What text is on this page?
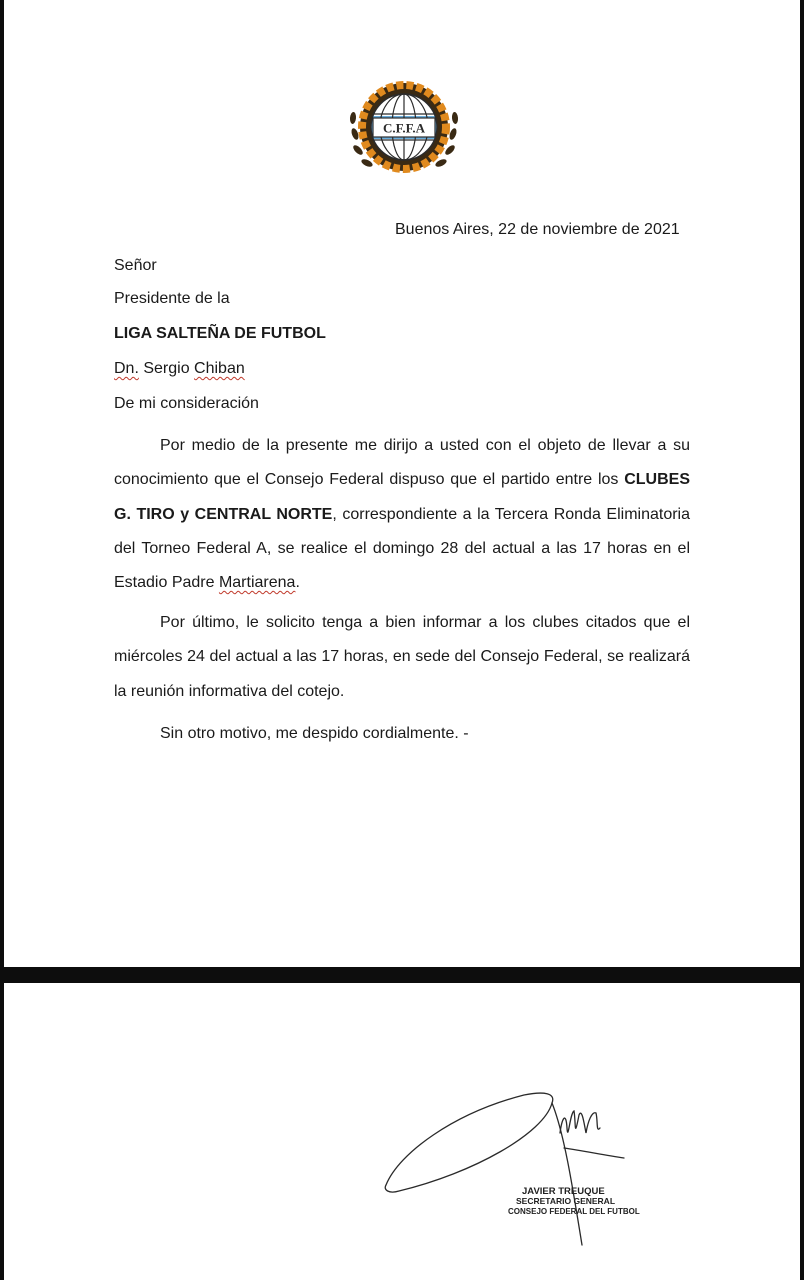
C.F.F.A
Buenos Aires, 22 de noviembre de 2021
Señor
Presidente de la
LIGA SALTEÑA DE FUTBOL
Dn. Sergio Chiban
De mi consideración

Por medio de la presente me dirijo a usted con el objeto de llevar a su conocimiento que el Consejo Federal dispuso que el partido entre los CLUBES G. TIRO y CENTRAL NORTE, correspondiente a la Tercera Ronda Eliminatoria del Torneo Federal A, se realice el domingo 28 del actual a las 17 horas en el Estadio Padre Martiarena.

Por último, le solicito tenga a bien informar a los clubes citados que el miércoles 24 del actual a las 17 horas, en sede del Consejo Federal, se realizará la reunión informativa del cotejo.

Sin otro motivo, me despido cordialmente. -

JAVIER TREUQUE
SECRETARIO GENERAL
CONSEJO FEDERAL DEL FUTBOL
